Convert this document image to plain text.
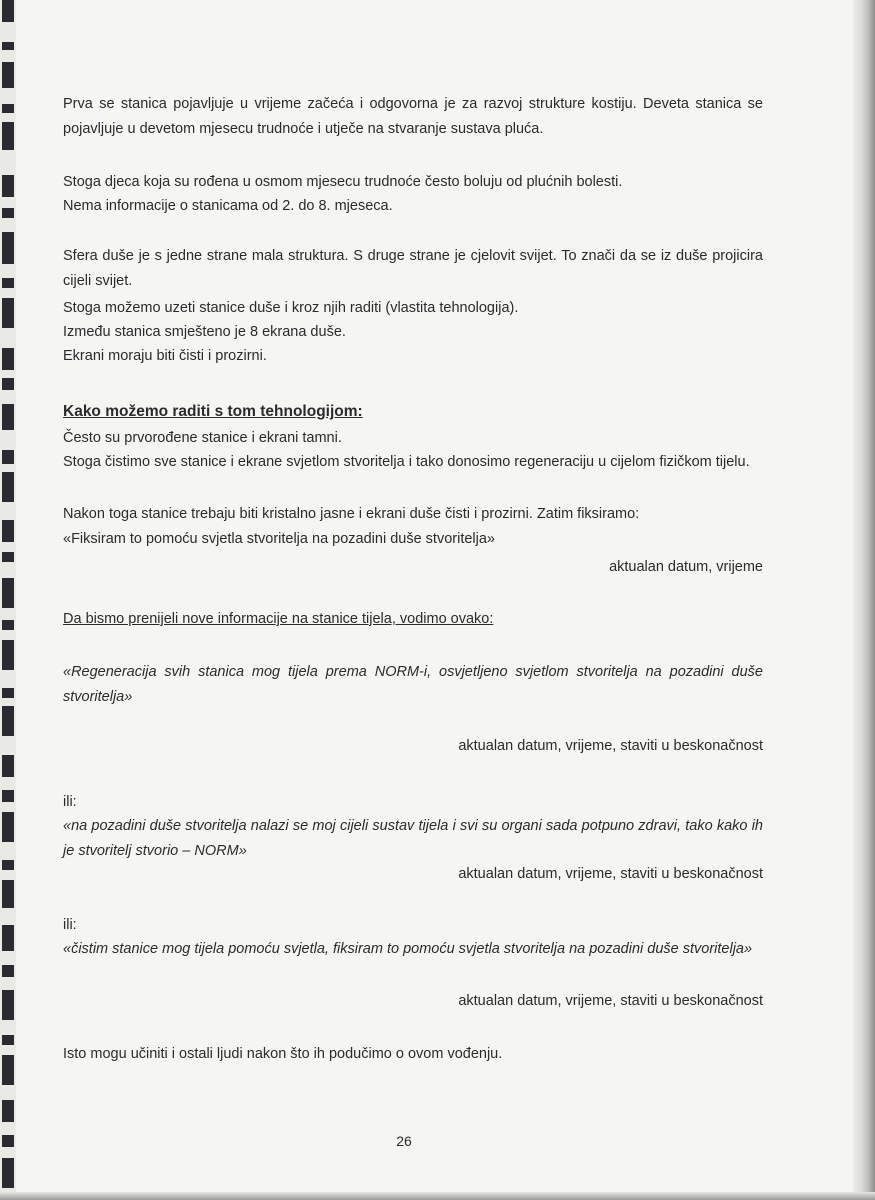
Prva se stanica pojavljuje u vrijeme začeća i odgovorna je za razvoj strukture kostiju. Deveta stanica se pojavljuje u devetom mjesecu trudnoće i utječe na stvaranje sustava pluća.

Stoga djeca koja su rođena u osmom mjesecu trudnoće često boluju od plućnih bolesti.

Nema informacije o stanicama od 2. do 8. mjeseca.

Sfera duše je s jedne strane mala struktura. S druge strane je cjelovit svijet. To znači da se iz duše projicira cijeli svijet.

Stoga možemo uzeti stanice duše i kroz njih raditi (vlastita tehnologija).

Između stanica smješteno je 8 ekrana duše.

Ekrani moraju biti čisti i prozirni.

Kako možemo raditi s tom tehnologijom:

Često su prvorođene stanice i ekrani tamni.

Stoga čistimo sve stanice i ekrane svjetlom stvoritelja i tako donosimo regeneraciju u cijelom fizičkom tijelu.

Nakon toga stanice trebaju biti kristalno jasne i ekrani duše čisti i prozirni. Zatim fiksiramo:

«Fiksiram to pomoću svjetla stvoritelja na pozadini duše stvoritelja»

aktualan datum, vrijeme

Da bismo prenijeli nove informacije na stanice tijela, vodimo ovako:

«Regeneracija svih stanica mog tijela prema NORM-i, osvjetljeno svjetlom stvoritelja na pozadini duše stvoritelja»

aktualan datum, vrijeme, staviti u beskonačnost

ili:

«na pozadini duše stvoritelja nalazi se moj cijeli sustav tijela i svi su organi sada potpuno zdravi, tako kako ih je stvoritelj stvorio – NORM»

aktualan datum, vrijeme, staviti u beskonačnost

ili:

«čistim stanice mog tijela pomoću svjetla, fiksiram to pomoću svjetla stvoritelja na pozadini duše stvoritelja»

aktualan datum, vrijeme, staviti u beskonačnost

Isto mogu učiniti i ostali ljudi nakon što ih podučimo o ovom vođenju.

26
